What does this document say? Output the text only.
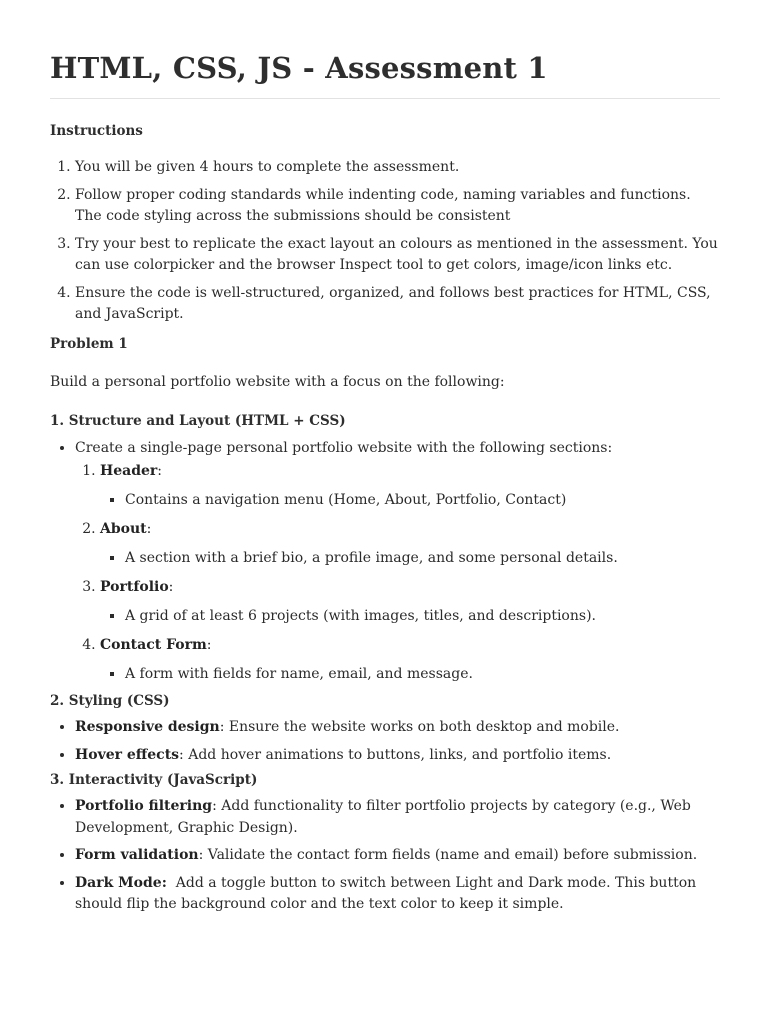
HTML, CSS, JS - Assessment 1

Instructions

1. You will be given 4 hours to complete the assessment.
2. Follow proper coding standards while indenting code, naming variables and functions. The code styling across the submissions should be consistent
3. Try your best to replicate the exact layout an colours as mentioned in the assessment. You can use colorpicker and the browser Inspect tool to get colors, image/icon links etc.
4. Ensure the code is well-structured, organized, and follows best practices for HTML, CSS, and JavaScript.

Problem 1

Build a personal portfolio website with a focus on the following:

1. Structure and Layout (HTML + CSS)

• Create a single-page personal portfolio website with the following sections:
1. Header:
▪ Contains a navigation menu (Home, About, Portfolio, Contact)
2. About:
▪ A section with a brief bio, a profile image, and some personal details.
3. Portfolio:
▪ A grid of at least 6 projects (with images, titles, and descriptions).
4. Contact Form:
▪ A form with fields for name, email, and message.

2. Styling (CSS)

• Responsive design: Ensure the website works on both desktop and mobile.
• Hover effects: Add hover animations to buttons, links, and portfolio items.

3. Interactivity (JavaScript)

• Portfolio filtering: Add functionality to filter portfolio projects by category (e.g., Web Development, Graphic Design).
• Form validation: Validate the contact form fields (name and email) before submission.
• Dark Mode:  Add a toggle button to switch between Light and Dark mode. This button should flip the background color and the text color to keep it simple.
